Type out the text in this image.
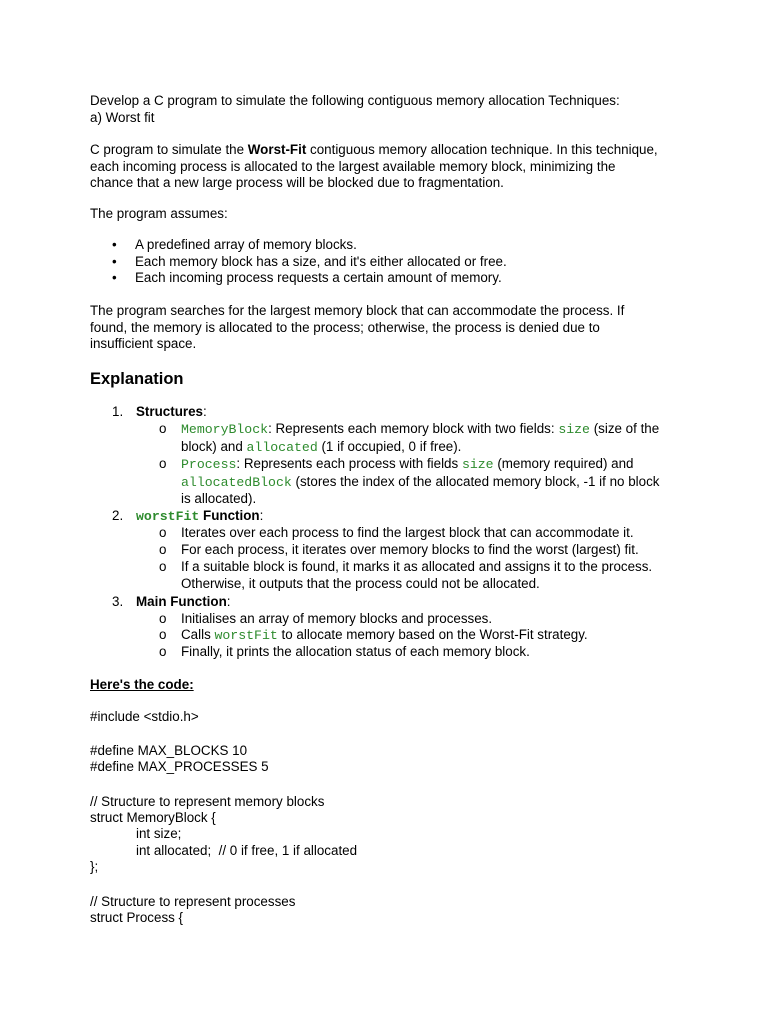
Develop a C program to simulate the following contiguous memory allocation Techniques:
a) Worst fit

C program to simulate the Worst-Fit contiguous memory allocation technique. In this technique,
each incoming process is allocated to the largest available memory block, minimizing the
chance that a new large process will be blocked due to fragmentation.

The program assumes:

• A predefined array of memory blocks.
• Each memory block has a size, and it's either allocated or free.
• Each incoming process requests a certain amount of memory.

The program searches for the largest memory block that can accommodate the process. If
found, the memory is allocated to the process; otherwise, the process is denied due to
insufficient space.

Explanation
1. Structures:
o MemoryBlock: Represents each memory block with two fields: size (size of the
block) and allocated (1 if occupied, 0 if free).
o Process: Represents each process with fields size (memory required) and
allocatedBlock (stores the index of the allocated memory block, -1 if no block
is allocated).
2. worstFit Function:
o Iterates over each process to find the largest block that can accommodate it.
o For each process, it iterates over memory blocks to find the worst (largest) fit.
o If a suitable block is found, it marks it as allocated and assigns it to the process.
Otherwise, it outputs that the process could not be allocated.
3. Main Function:
o Initialises an array of memory blocks and processes.
o Calls worstFit to allocate memory based on the Worst-Fit strategy.
o Finally, it prints the allocation status of each memory block.

Here's the code:

#include <stdio.h>
#define MAX_BLOCKS 10
#define MAX_PROCESSES 5
// Structure to represent memory blocks
struct MemoryBlock {
int size;
int allocated;  // 0 if free, 1 if allocated
};
// Structure to represent processes
struct Process {
